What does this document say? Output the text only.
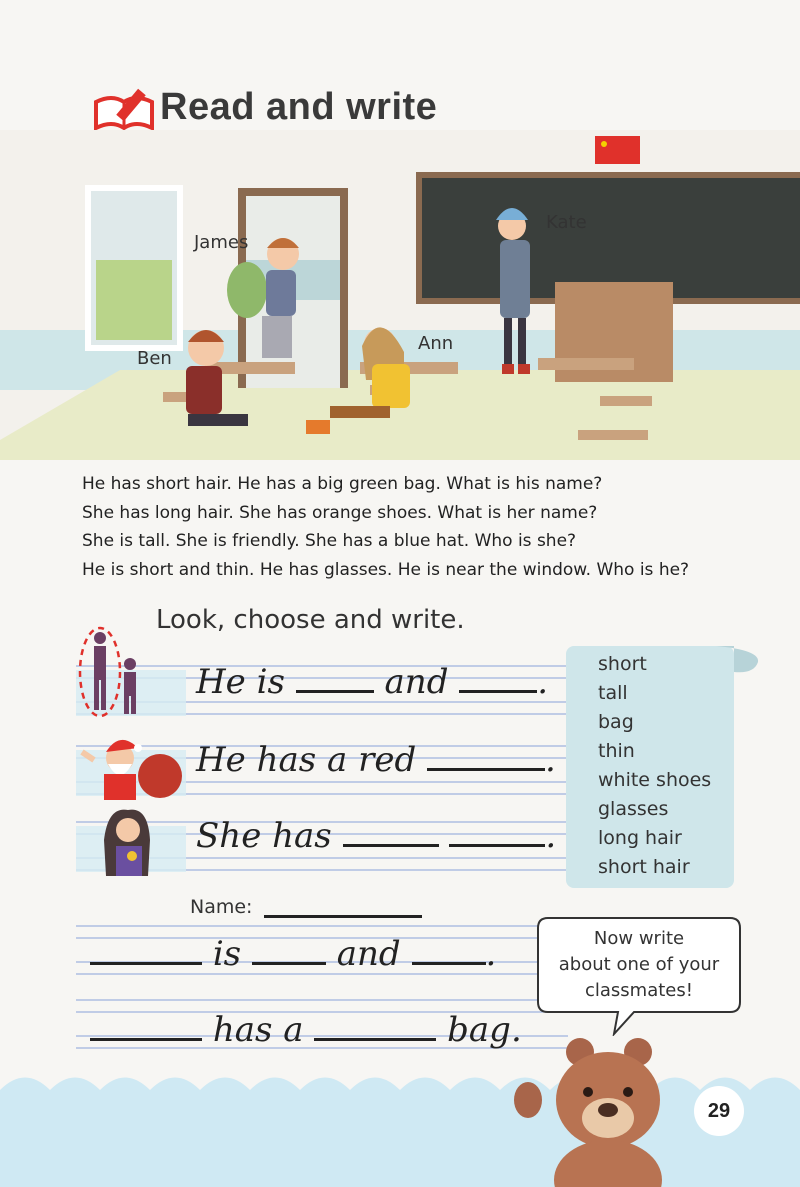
Read and write
James
Kate
Ben
Ann
He has short hair. He has a big green bag. What is his name?
She has long hair. She has orange shoes. What is her name?
She is tall. She is friendly. She has a blue hat. Who is she?
He is short and thin. He has glasses. He is near the window. Who is he?
Look, choose and write.
He is	and	.
He has a red	.
She has	.
short
tall
bag
thin
white shoes
glasses
long hair
short hair
Name:
is	and .
has a	bag.
Now write
about one of your
classmates!
29
